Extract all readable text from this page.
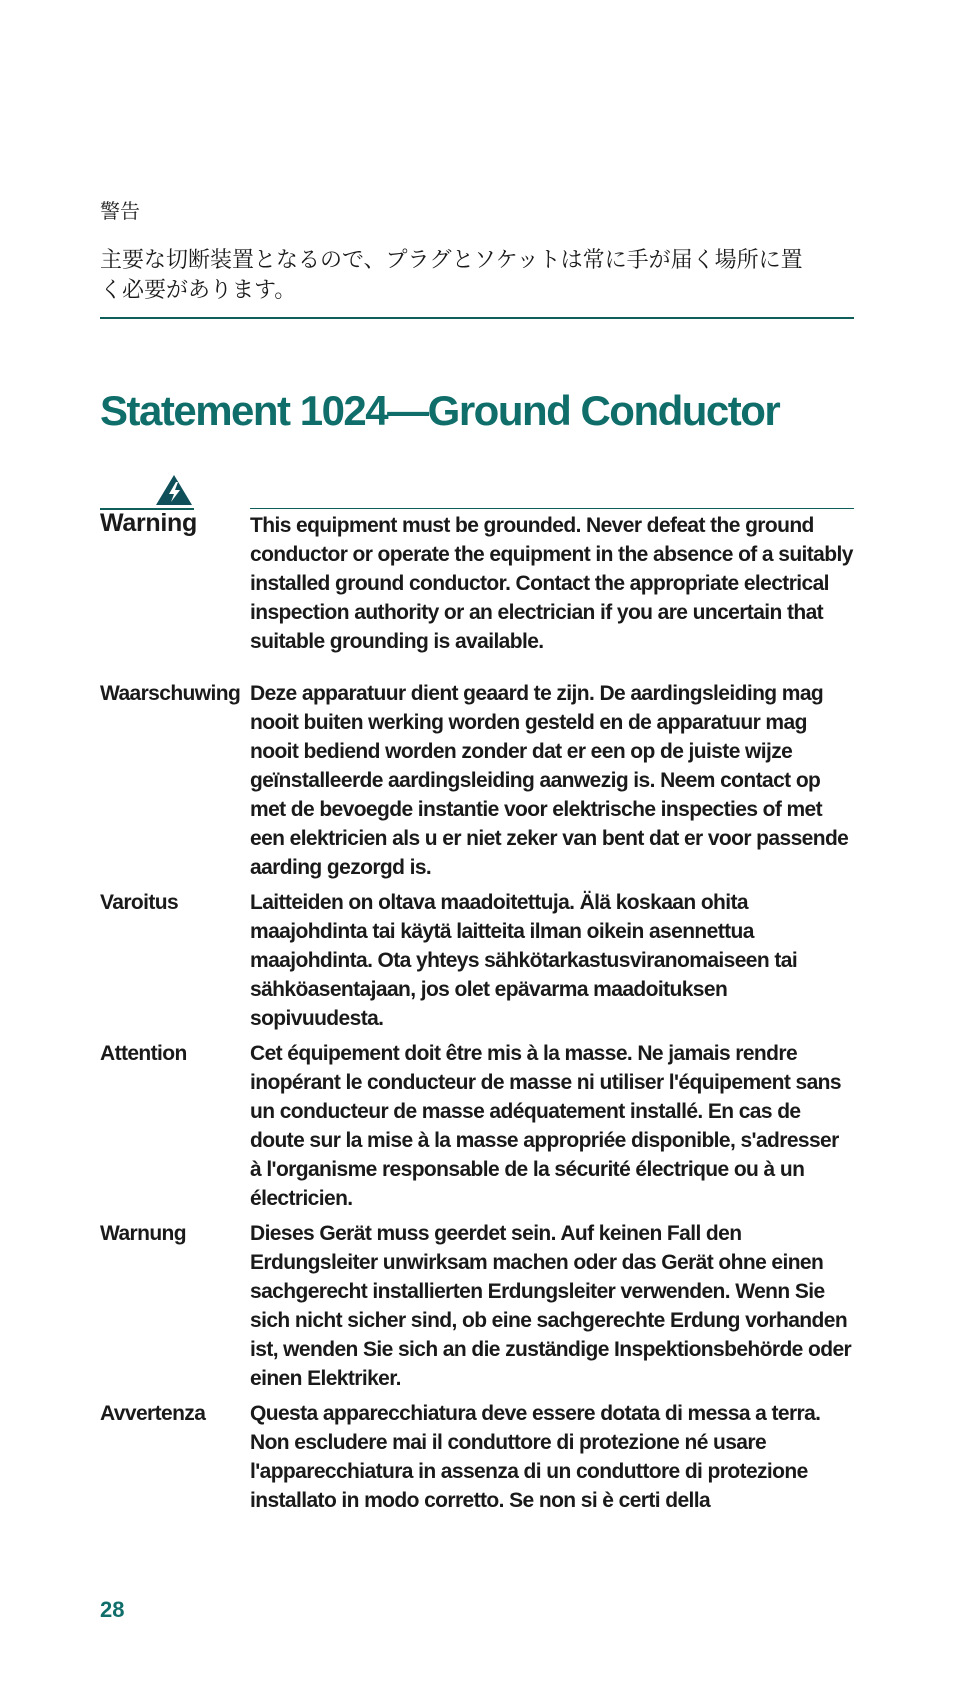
警告
主要な切断装置となるので、プラグとソケットは常に手が届く場所に置く必要があります。
Statement 1024—Ground Conductor
Warning	This equipment must be grounded. Never defeat the ground conductor or operate the equipment in the absence of a suitably installed ground conductor. Contact the appropriate electrical inspection authority or an electrician if you are uncertain that suitable grounding is available.

Waarschuwing Deze apparatuur dient geaard te zijn. De aardingsleiding mag nooit buiten werking worden gesteld en de apparatuur mag nooit bediend worden zonder dat er een op de juiste wijze geïnstalleerde aardingsleiding aanwezig is. Neem contact op met de bevoegde instantie voor elektrische inspecties of met een elektricien als u er niet zeker van bent dat er voor passende aarding gezorgd is.

Varoitus	Laitteiden on oltava maadoitettuja. Älä koskaan ohita maajohdinta tai käytä laitteita ilman oikein asennettua maajohdinta. Ota yhteys sähkötarkastusviranomaiseen tai sähköasentajaan, jos olet epävarma maadoituksen sopivuudesta.

Attention	Cet équipement doit être mis à la masse. Ne jamais rendre inopérant le conducteur de masse ni utiliser l'équipement sans un conducteur de masse adéquatement installé. En cas de doute sur la mise à la masse appropriée disponible, s'adresser à l'organisme responsable de la sécurité électrique ou à un électricien.

Warnung	Dieses Gerät muss geerdet sein. Auf keinen Fall den Erdungsleiter unwirksam machen oder das Gerät ohne einen sachgerecht installierten Erdungsleiter verwenden. Wenn Sie sich nicht sicher sind, ob eine sachgerechte Erdung vorhanden ist, wenden Sie sich an die zuständige Inspektionsbehörde oder einen Elektriker.

Avvertenza	Questa apparecchiatura deve essere dotata di messa a terra. Non escludere mai il conduttore di protezione né usare l'apparecchiatura in assenza di un conduttore di protezione installato in modo corretto. Se non si è certi della

28
